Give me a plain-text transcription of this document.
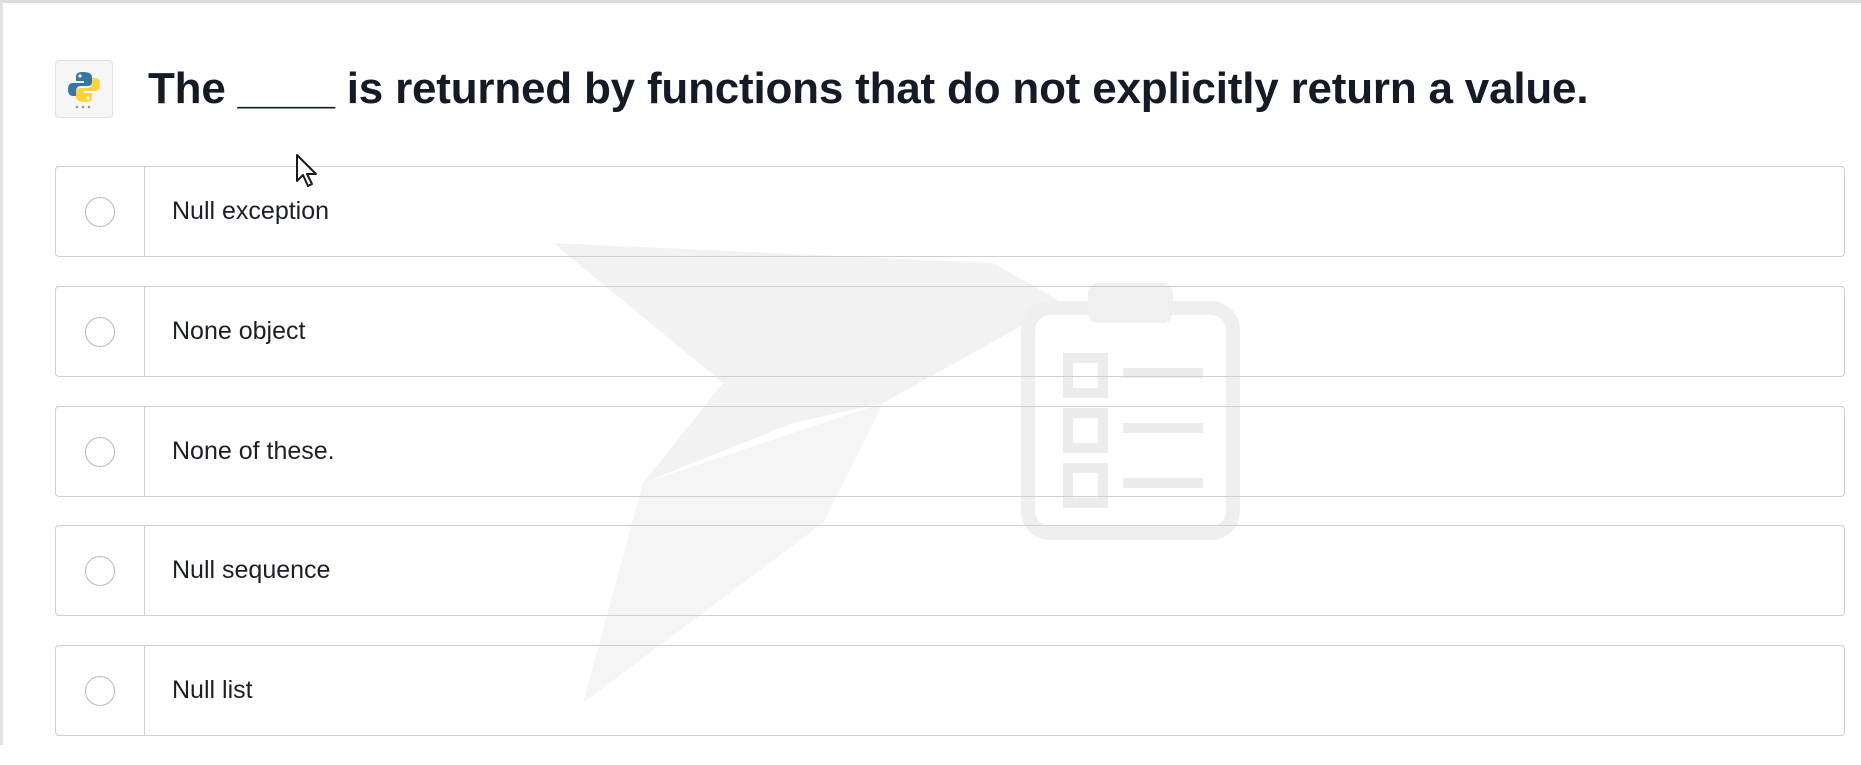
The ____ is returned by functions that do not explicitly return a value.
Null exception
None object
None of these.
Null sequence
Null list
